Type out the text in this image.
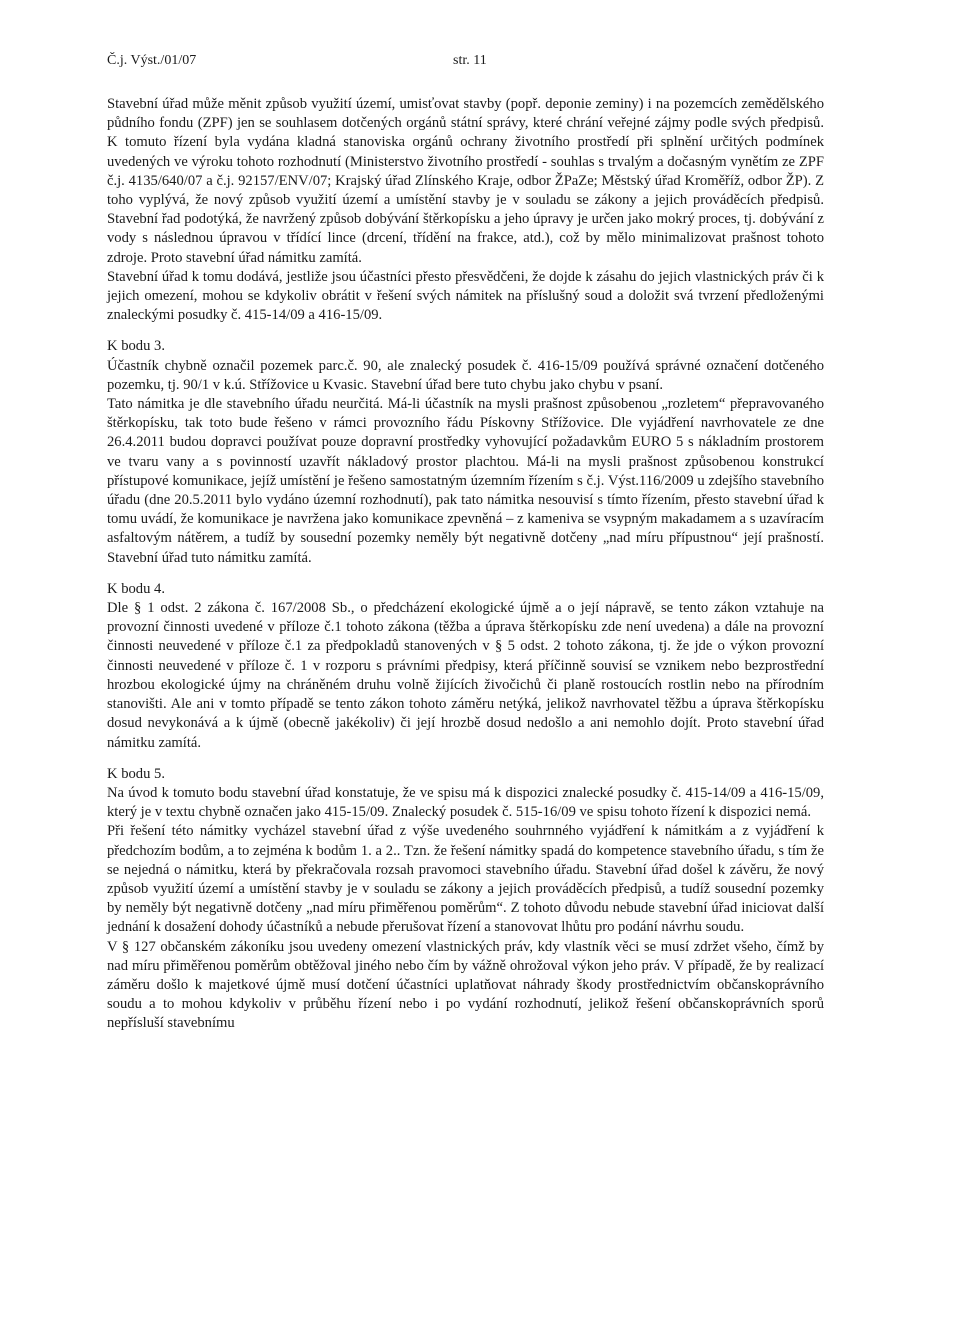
Č.j. Výst./01/07	str. 11

Stavební úřad může měnit způsob využití území, umisťovat stavby (popř. deponie zeminy) i na pozemcích zemědělského půdního fondu (ZPF) jen se souhlasem dotčených orgánů státní správy, které chrání veřejné zájmy podle svých předpisů. K tomuto řízení byla vydána kladná stanoviska orgánů ochrany životního prostředí při splnění určitých podmínek uvedených ve výroku tohoto rozhodnutí (Ministerstvo životního prostředí - souhlas s trvalým a dočasným vynětím ze ZPF č.j. 4135/640/07 a č.j. 92157/ENV/07; Krajský úřad Zlínského Kraje, odbor ŽPaZe; Městský úřad Kroměříž, odbor ŽP). Z toho vyplývá, že nový způsob využití území a umístění stavby je v souladu se zákony a jejich prováděcích předpisů. Stavební řad podotýká, že navržený způsob dobývání štěrkopísku a jeho úpravy je určen jako mokrý proces, tj. dobývání z vody s následnou úpravou v třídící lince (drcení, třídění na frakce, atd.), což by mělo minimalizovat prašnost tohoto zdroje. Proto stavební úřad námitku zamítá.

Stavební úřad k tomu dodává, jestliže jsou účastníci přesto přesvědčeni, že dojde k zásahu do jejich vlastnických práv či k jejich omezení, mohou se kdykoliv obrátit v řešení svých námitek na příslušný soud a doložit svá tvrzení předloženými znaleckými posudky č. 415-14/09 a 416-15/09.

K bodu 3.

Účastník chybně označil pozemek parc.č. 90, ale znalecký posudek č. 416-15/09 používá správné označení dotčeného pozemku, tj. 90/1 v k.ú. Střížovice u Kvasic. Stavební úřad bere tuto chybu jako chybu v psaní.

Tato námitka je dle stavebního úřadu neurčitá. Má-li účastník na mysli prašnost způsobenou „rozletem“ přepravovaného štěrkopísku, tak toto bude řešeno v rámci provozního řádu Pískovny Střížovice. Dle vyjádření navrhovatele ze dne 26.4.2011 budou dopravci používat pouze dopravní prostředky vyhovující požadavkům EURO 5 s nákladním prostorem ve tvaru vany a s povinností uzavřít nákladový prostor plachtou. Má-li na mysli prašnost způsobenou konstrukcí přístupové komunikace, jejíž umístění je řešeno samostatným územním řízením s č.j. Výst.116/2009 u zdejšího stavebního úřadu (dne 20.5.2011 bylo vydáno územní rozhodnutí), pak tato námitka nesouvisí s tímto řízením, přesto stavební úřad k tomu uvádí, že komunikace je navržena jako komunikace zpevněná – z kameniva se vsypným makadamem a s uzavíracím asfaltovým nátěrem, a tudíž by sousední pozemky neměly být negativně dotčeny „nad míru přípustnou“ její prašností. Stavební úřad tuto námitku zamítá.

K bodu 4.

Dle § 1 odst. 2 zákona č. 167/2008 Sb., o předcházení ekologické újmě a o její nápravě, se tento zákon vztahuje na provozní činnosti uvedené v příloze č.1 tohoto zákona (těžba a úprava štěrkopísku zde není uvedena) a dále na provozní činnosti neuvedené v příloze č.1 za předpokladů stanovených v § 5 odst. 2 tohoto zákona, tj. že jde o výkon provozní činnosti neuvedené v příloze č. 1 v rozporu s právními předpisy, která příčinně souvisí se vznikem nebo bezprostřední hrozbou ekologické újmy na chráněném druhu volně žijících živočichů či planě rostoucích rostlin nebo na přírodním stanovišti. Ale ani v tomto případě se tento zákon tohoto záměru netýká, jelikož navrhovatel těžbu a úprava štěrkopísku dosud nevykonává a k újmě (obecně jakékoliv) či její hrozbě dosud nedošlo a ani nemohlo dojít. Proto stavební úřad námitku zamítá.

K bodu 5.

Na úvod k tomuto bodu stavební úřad konstatuje, že ve spisu má k dispozici znalecké posudky č. 415-14/09 a 416-15/09, který je v textu chybně označen jako 415-15/09. Znalecký posudek č. 515-16/09 ve spisu tohoto řízení k dispozici nemá.

Při řešení této námitky vycházel stavební úřad z výše uvedeného souhrnného vyjádření k námitkám a z vyjádření k předchozím bodům, a to zejména k bodům 1. a 2.. Tzn. že řešení námitky spadá do kompetence stavebního úřadu, s tím že se nejedná o námitku, která by překračovala rozsah pravomoci stavebního úřadu. Stavební úřad došel k závěru, že nový způsob využití území a umístění stavby je v souladu se zákony a jejich prováděcích předpisů, a tudíž sousední pozemky by neměly být negativně dotčeny „nad míru přiměřenou poměrům“. Z tohoto důvodu nebude stavební úřad iniciovat další jednání k dosažení dohody účastníků a nebude přerušovat řízení a stanovovat lhůtu pro podání návrhu soudu.

V § 127 občanském zákoníku jsou uvedeny omezení vlastnických práv, kdy vlastník věci se musí zdržet všeho, čímž by nad míru přiměřenou poměrům obtěžoval jiného nebo čím by vážně ohrožoval výkon jeho práv. V případě, že by realizací záměru došlo k majetkové újmě musí dotčení účastníci uplatňovat náhrady škody prostřednictvím občanskoprávního soudu a to mohou kdykoliv v průběhu řízení nebo i po vydání rozhodnutí, jelikož řešení občanskoprávních sporů nepřísluší stavebnímu
